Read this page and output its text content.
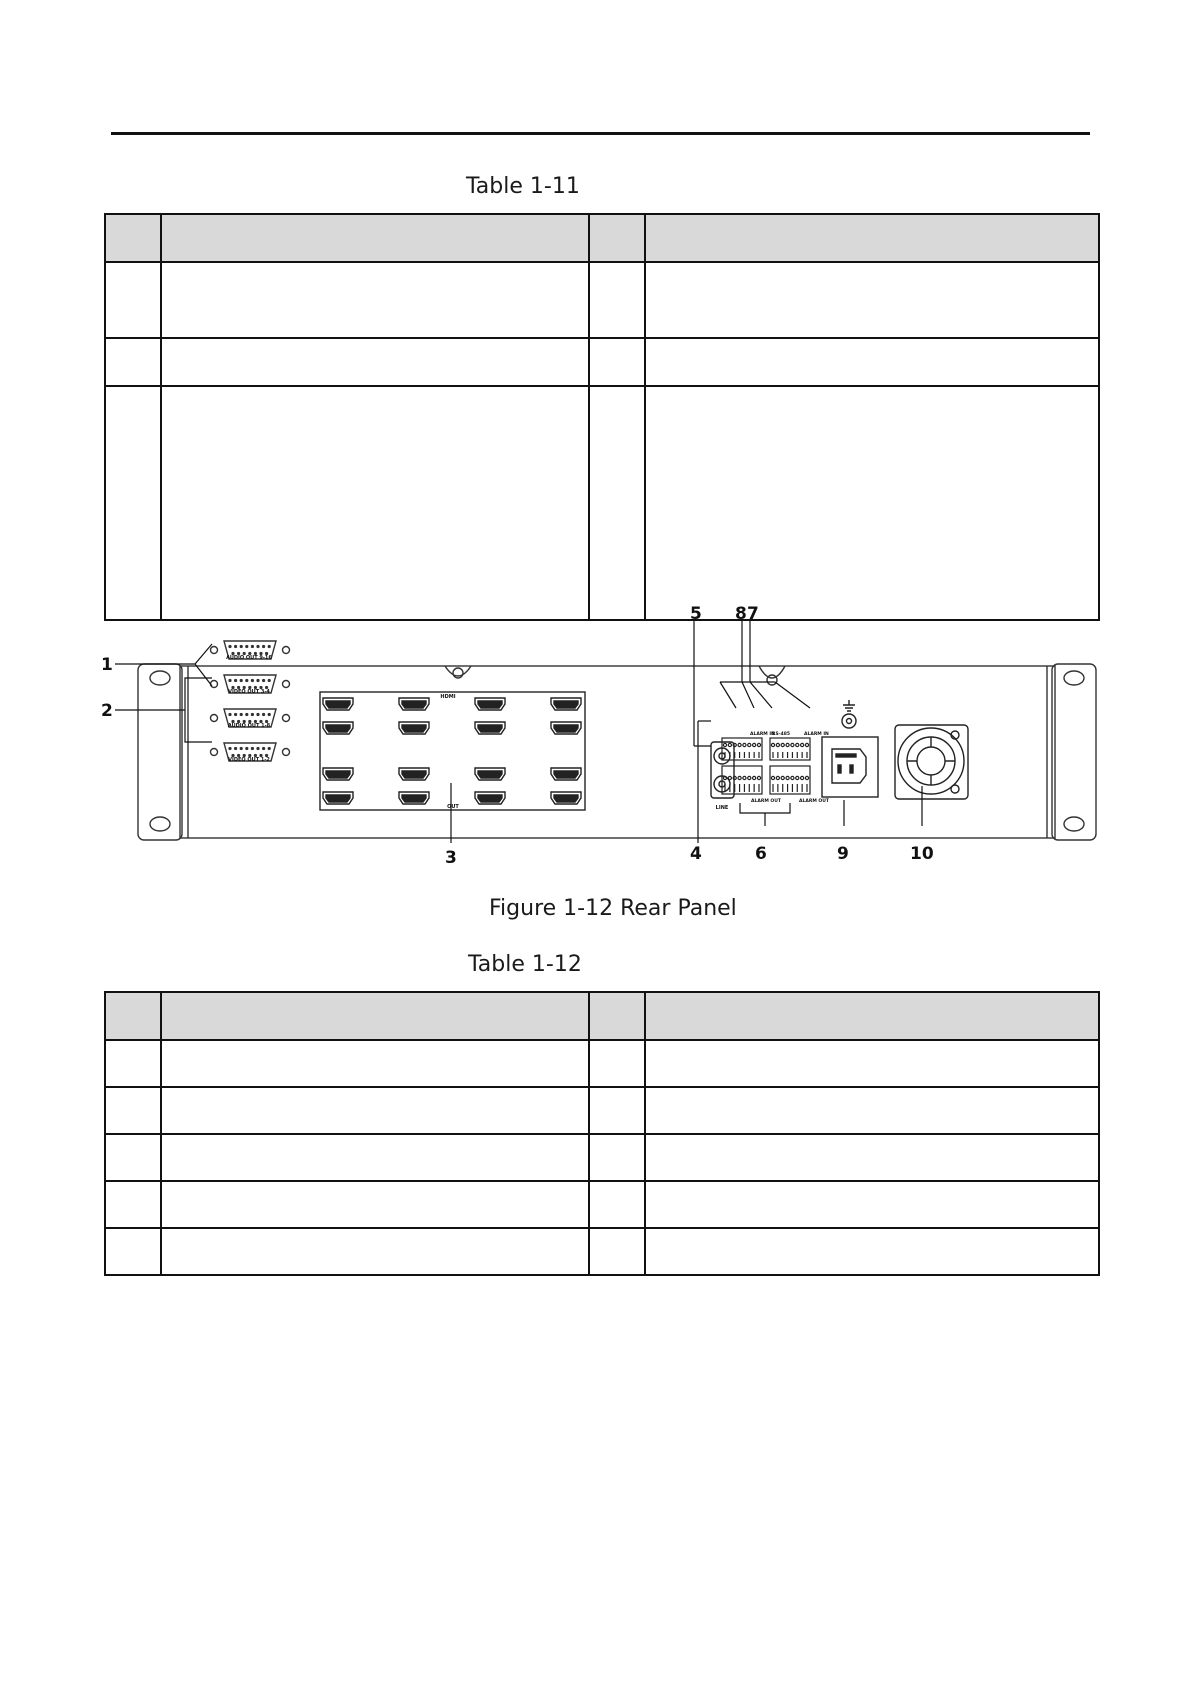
Table 1-11

LINE
ALARM IN
RS-485	ALARM IN
ALARM OUT	ALARM OUT
1
2
3	4
5
6
7
8
9	10
AUDIO OUT 9-16
VIDEO OUT 3-4
AUDIO OUT 1-8
VIDEO OUT 1-2
HDMI
OUT
Figure 1-12 Rear Panel
Table 1-12
